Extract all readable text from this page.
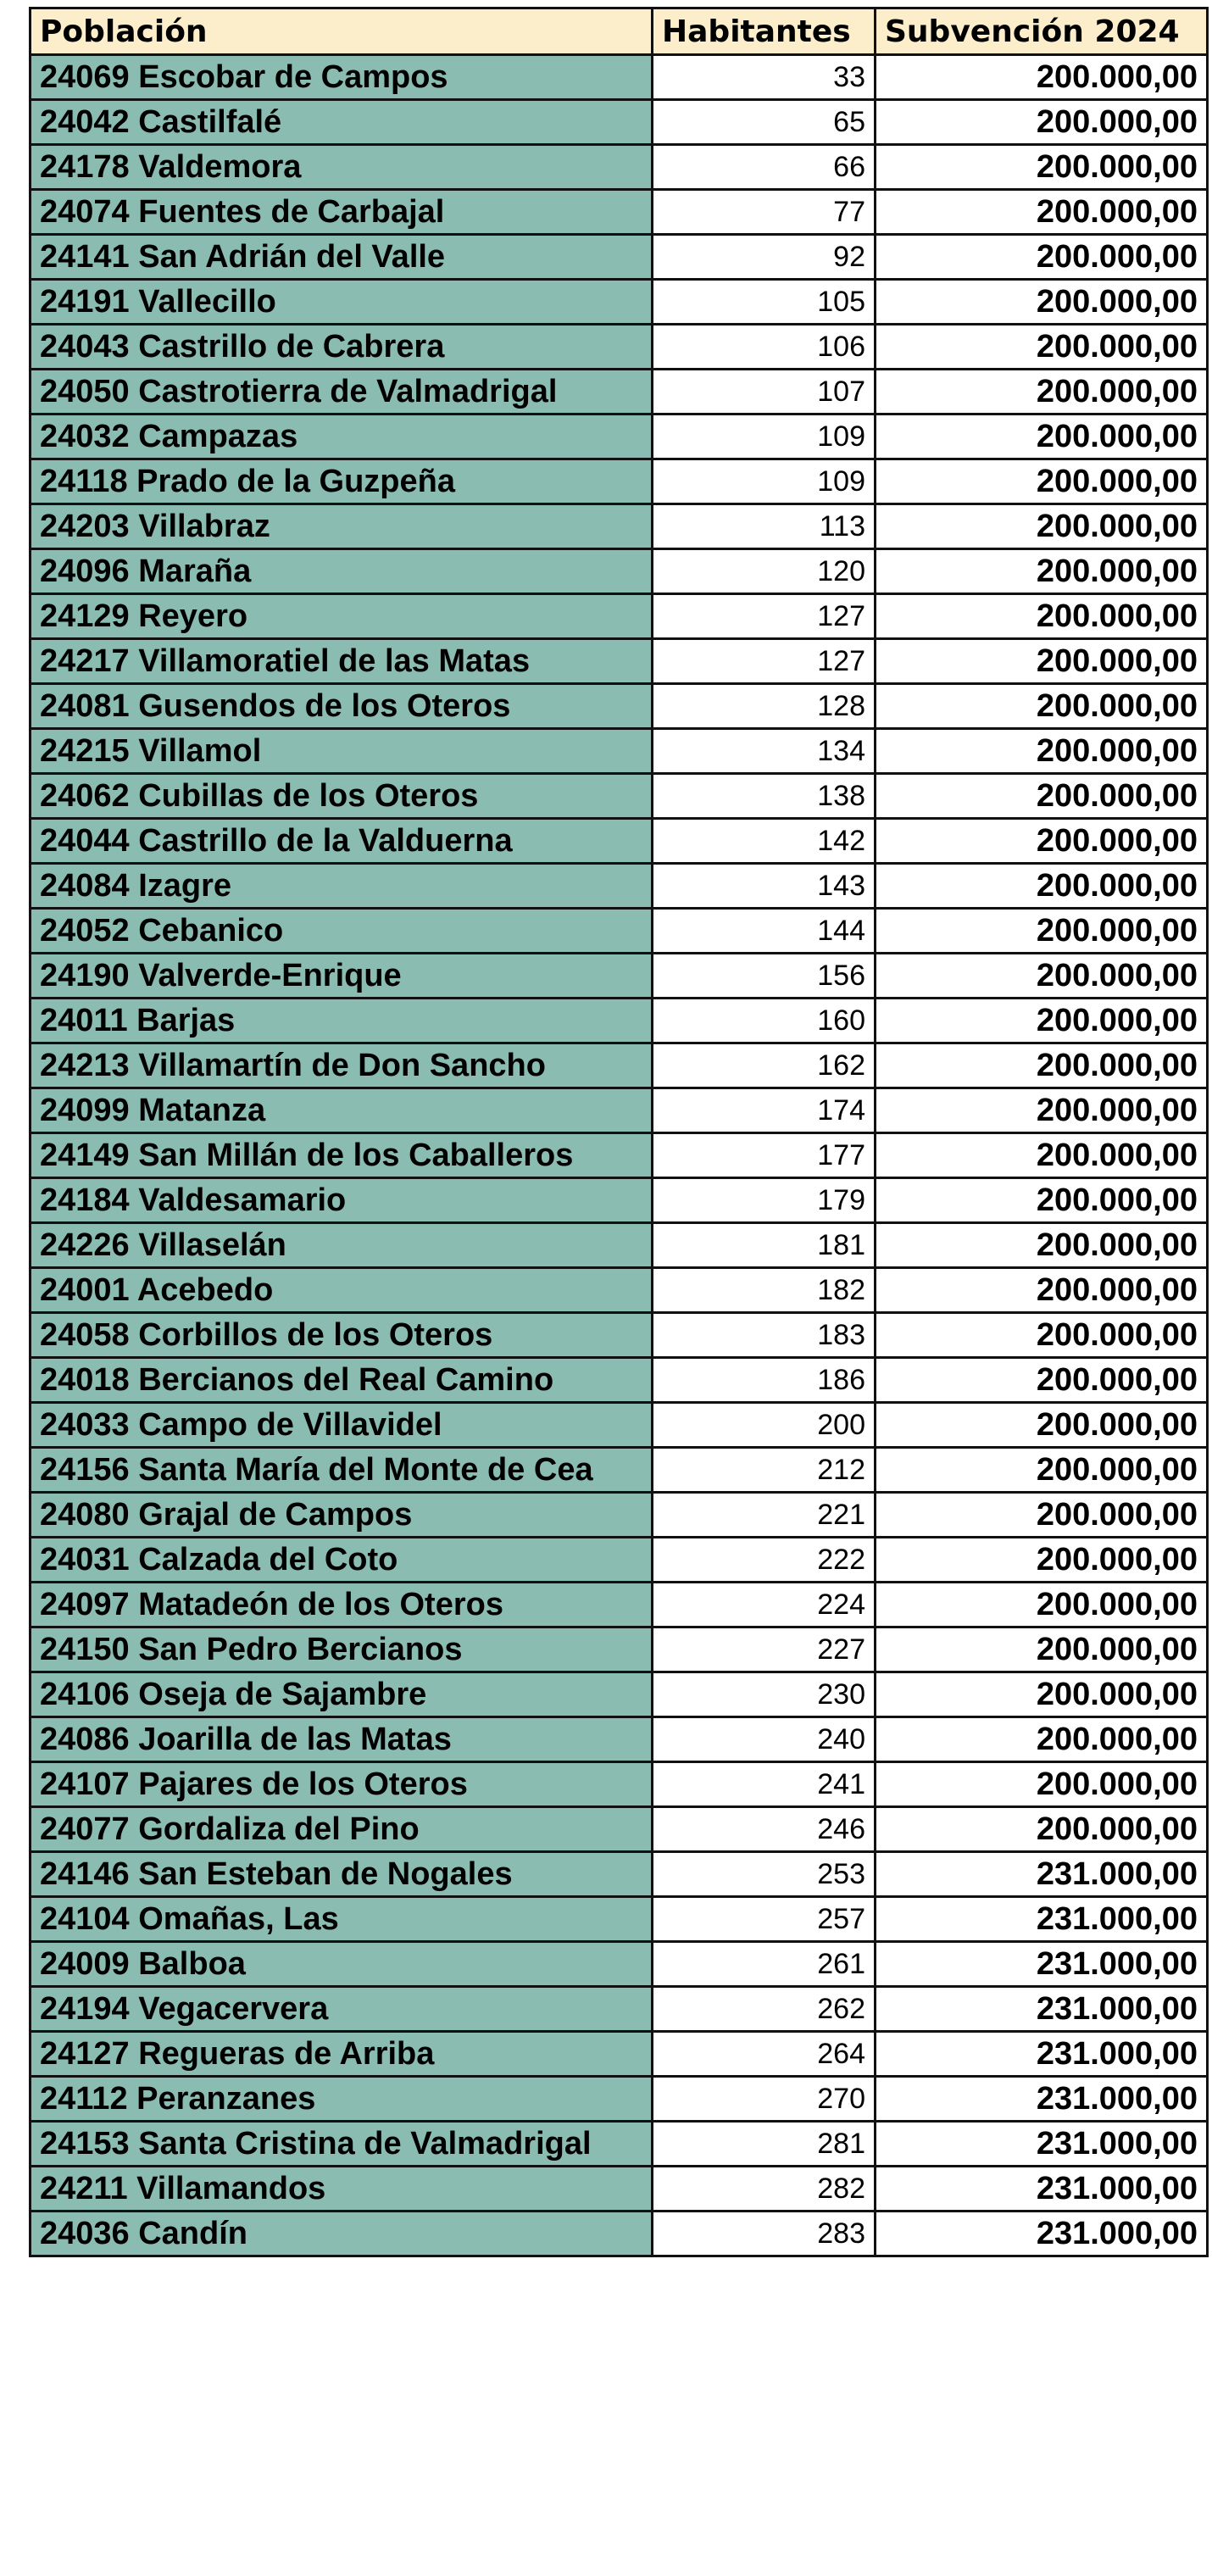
Población	Habitantes	Subvención 2024
24069 Escobar de Campos	33	200.000,00
24042 Castilfalé	65	200.000,00
24178 Valdemora	66	200.000,00
24074 Fuentes de Carbajal	77	200.000,00
24141 San Adrián del Valle	92	200.000,00
24191 Vallecillo	105	200.000,00
24043 Castrillo de Cabrera	106	200.000,00
24050 Castrotierra de Valmadrigal	107	200.000,00
24032 Campazas	109	200.000,00
24118 Prado de la Guzpeña	109	200.000,00
24203 Villabraz	113	200.000,00
24096 Maraña	120	200.000,00
24129 Reyero	127	200.000,00
24217 Villamoratiel de las Matas	127	200.000,00
24081 Gusendos de los Oteros	128	200.000,00
24215 Villamol	134	200.000,00
24062 Cubillas de los Oteros	138	200.000,00
24044 Castrillo de la Valduerna	142	200.000,00
24084 Izagre	143	200.000,00
24052 Cebanico	144	200.000,00
24190 Valverde-Enrique	156	200.000,00
24011 Barjas	160	200.000,00
24213 Villamartín de Don Sancho	162	200.000,00
24099 Matanza	174	200.000,00
24149 San Millán de los Caballeros	177	200.000,00
24184 Valdesamario	179	200.000,00
24226 Villaselán	181	200.000,00
24001 Acebedo	182	200.000,00
24058 Corbillos de los Oteros	183	200.000,00
24018 Bercianos del Real Camino	186	200.000,00
24033 Campo de Villavidel	200	200.000,00
24156 Santa María del Monte de Cea	212	200.000,00
24080 Grajal de Campos	221	200.000,00
24031 Calzada del Coto	222	200.000,00
24097 Matadeón de los Oteros	224	200.000,00
24150 San Pedro Bercianos	227	200.000,00
24106 Oseja de Sajambre	230	200.000,00
24086 Joarilla de las Matas	240	200.000,00
24107 Pajares de los Oteros	241	200.000,00
24077 Gordaliza del Pino	246	200.000,00
24146 San Esteban de Nogales	253	231.000,00
24104 Omañas, Las	257	231.000,00
24009 Balboa	261	231.000,00
24194 Vegacervera	262	231.000,00
24127 Regueras de Arriba	264	231.000,00
24112 Peranzanes	270	231.000,00
24153 Santa Cristina de Valmadrigal	281	231.000,00
24211 Villamandos	282	231.000,00
24036 Candín	283	231.000,00
